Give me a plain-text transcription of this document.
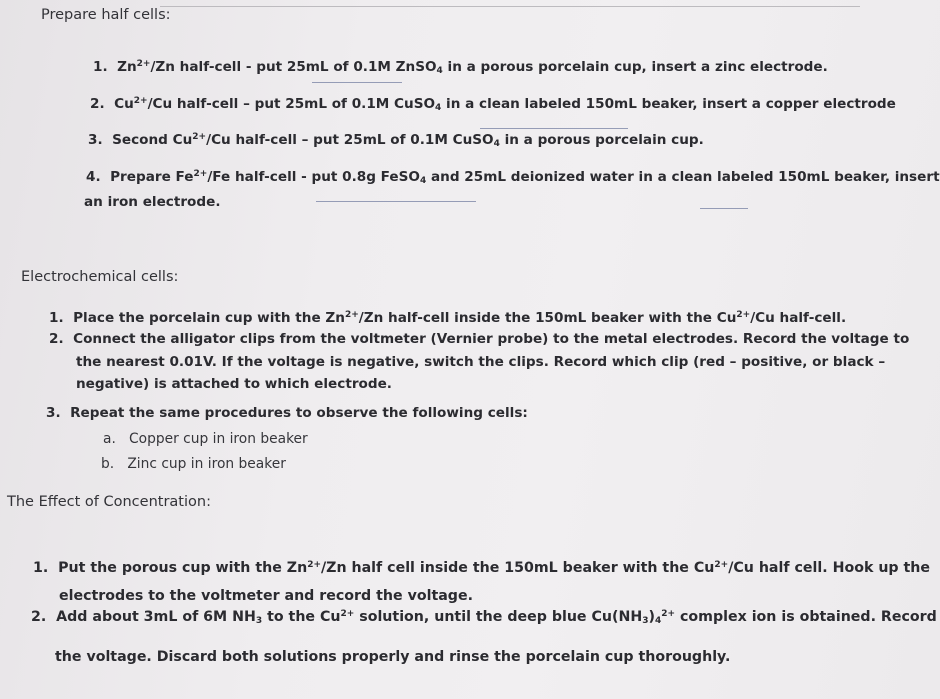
Prepare half cells:
1. $Zn^{2+}/Zn$ half-cell - put 25mL of 0.1M ZnSO$_4$ in a porous porcelain cup, insert a zinc electrode.
2. $Cu^{2+}/Cu$ half-cell – put 25mL of 0.1M CuSO$_4$ in a clean labeled 150mL beaker, insert a copper electrode
3. Second $Cu^{2+}/Cu$ half-cell – put 25mL of 0.1M CuSO$_4$ in a porous porcelain cup.
4. Prepare $Fe^{2+}/Fe$ half-cell - put 0.8g FeSO$_4$ and 25mL deionized water in a clean labeled 150mL beaker, insert
an iron electrode.
Electrochemical cells:
1. Place the porcelain cup with the $Zn^{2+}/Zn$ half-cell inside the 150mL beaker with the $Cu^{2+}/Cu$ half-cell.
2. Connect the alligator clips from the voltmeter (Vernier probe) to the metal electrodes. Record the voltage to
the nearest 0.01V. If the voltage is negative, switch the clips. Record which clip (red – positive, or black –
negative) is attached to which electrode.
3. Repeat the same procedures to observe the following cells:
a. Copper cup in iron beaker
b. Zinc cup in iron beaker
The Effect of Concentration:
1. Put the porous cup with the $Zn^{2+}/Zn$ half cell inside the 150mL beaker with the $Cu^{2+}/Cu$ half cell. Hook up the
electrodes to the voltmeter and record the voltage.
2. Add about 3mL of 6M $NH_3$ to the $Cu^{2+}$ solution, until the deep blue $Cu(NH_3)_4^{2+}$ complex ion is obtained. Record
the voltage. Discard both solutions properly and rinse the porcelain cup thoroughly.
